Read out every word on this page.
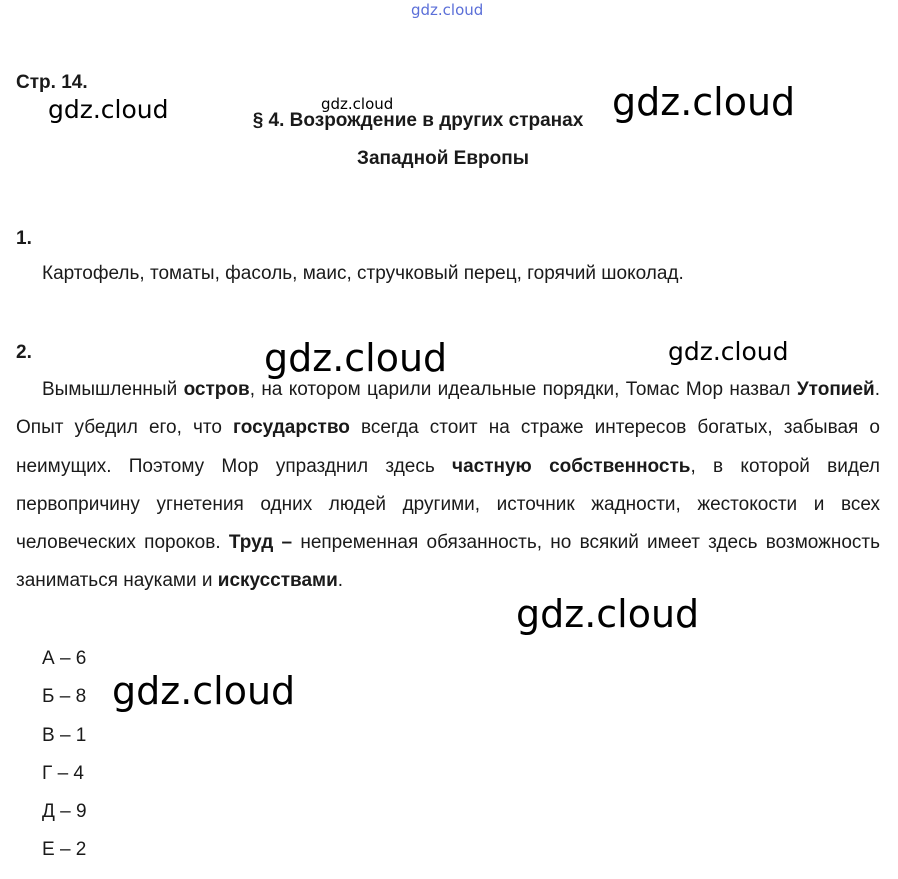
gdz.cloud
Стр. 14.
§ 4. Возрождение в других странах
Западной Европы
1.
Картофель, томаты, фасоль, маис, стручковый перец, горячий шоколад.
2.
Вымышленный остров, на котором царили идеальные порядки, Томас Мор назвал Утопией. Опыт убедил его, что государство всегда стоит на страже интересов богатых, забывая о неимущих. Поэтому Мор упразднил здесь частную собственность, в которой видел первопричину угнетения одних людей другими, источник жадности, жестокости и всех человеческих пороков. Труд – непременная обязанность, но всякий имеет здесь возможность заниматься науками и искусствами.
А – 6
Б – 8
В – 1
Г – 4
Д – 9
Е – 2
gdz.cloud	gdz.cloud	gdz.cloud
gdz.cloud	gdz.cloud
gdz.cloud
gdz.cloud
